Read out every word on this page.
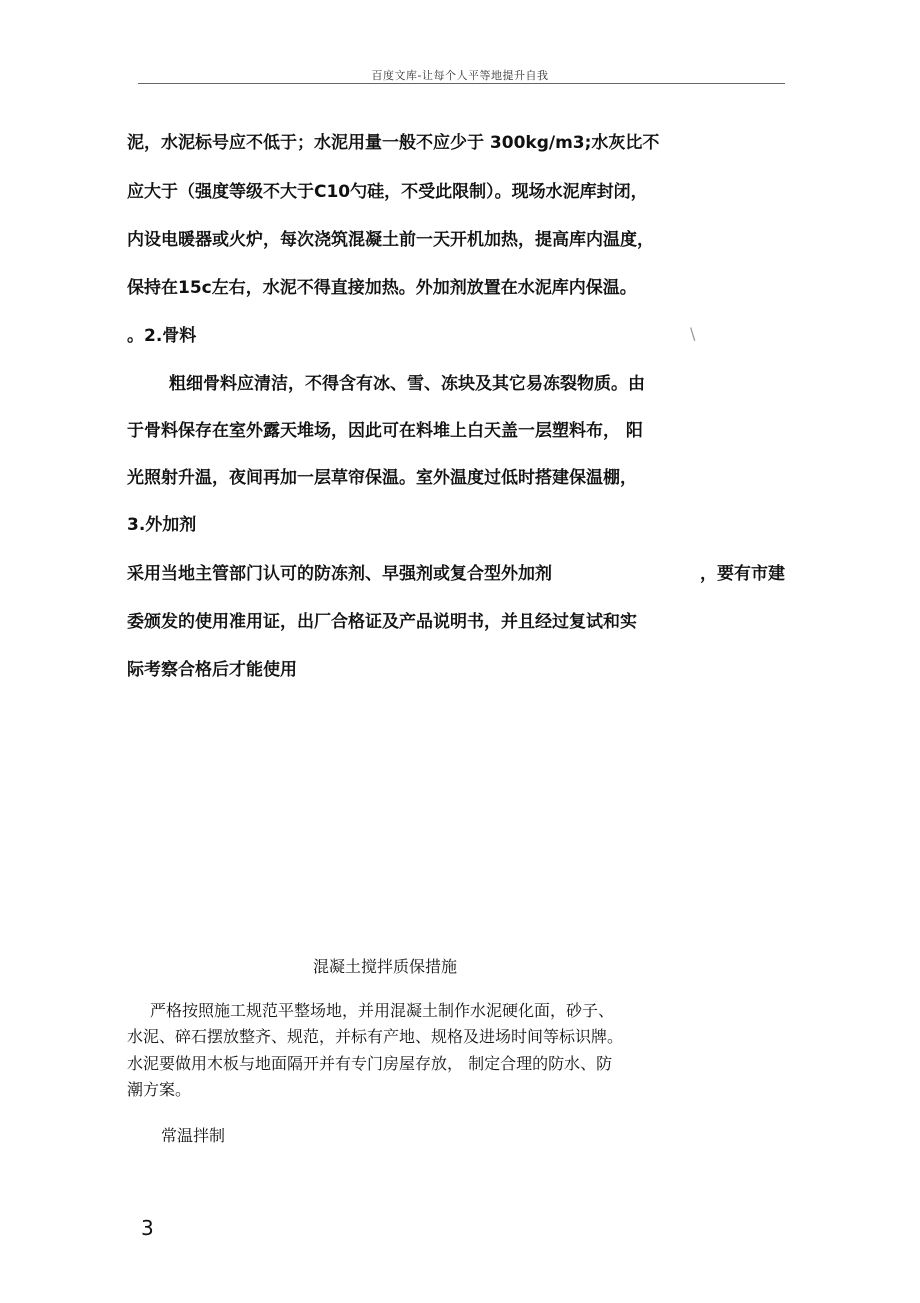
百度文库-让每个人平等地提升自我
泥，水泥标号应不低于；水泥用量一般不应少于 300kg/m3;水灰比不
应大于（强度等级不大于C10勺硅，不受此限制）。现场水泥库封闭，
内设电暖器或火炉，每次浇筑混凝土前一天开机加热，提高库内温度，
保持在15c左右，水泥不得直接加热。外加剂放置在水泥库内保温。
。2.骨料	\
粗细骨料应清洁，不得含有冰、雪、冻块及其它易冻裂物质。由
于骨料保存在室外露天堆场，因此可在料堆上白天盖一层塑料布， 阳
光照射升温，夜间再加一层草帘保温。室外温度过低时搭建保温棚，
3.外加剂
采用当地主管部门认可的防冻剂、早强剂或复合型外加剂	，要有市建
委颁发的使用准用证，出厂合格证及产品说明书，并且经过复试和实
际考察合格后才能使用
混凝土搅拌质保措施
严格按照施工规范平整场地，并用混凝土制作水泥硬化面，砂子、
水泥、碎石摆放整齐、规范，并标有产地、规格及进场时间等标识牌。
水泥要做用木板与地面隔开并有专门房屋存放， 制定合理的防水、防
潮方案。
常温拌制
3
